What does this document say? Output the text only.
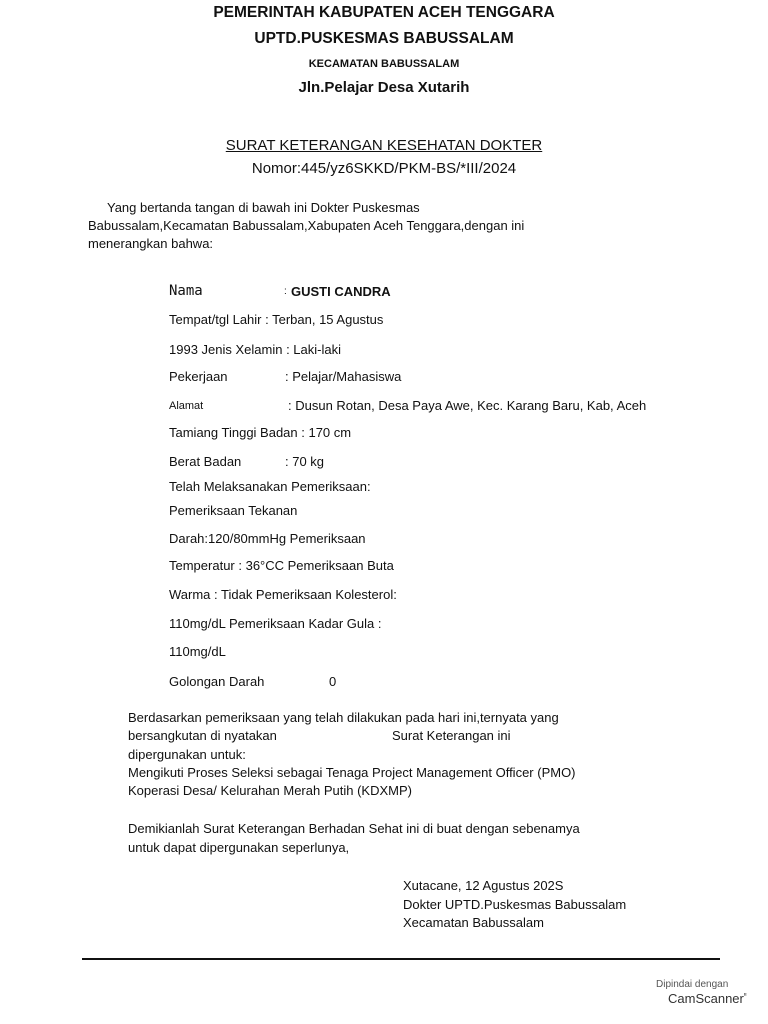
PEMERINTAH KABUPATEN ACEH TENGGARA
UPTD.PUSKESMAS BABUSSALAM
KECAMATAN BABUSSALAM
Jln.Pelajar Desa Xutarih
SURAT KETERANGAN KESEHATAN DOKTER
Nomor:445/yz6SKKD/PKM-BS/*III/2024
Yang bertanda tangan di bawah ini Dokter Puskesmas
Babussalam,Kecamatan Babussalam,Xabupaten Aceh Tenggara,dengan ini
menerangkan bahwa:
Nama	: GUSTI CANDRA
Tempat/tgl Lahir : Terban, 15 Agustus
1993 Jenis Xelamin : Laki-laki
Pekerjaan	: Pelajar/Mahasiswa
Alamat	: Dusun Rotan, Desa Paya Awe, Kec. Karang Baru, Kab, Aceh
Tamiang Tinggi Badan : 170 cm
Berat Badan	: 70 kg
Telah Melaksanakan Pemeriksaan:
Pemeriksaan Tekanan
Darah:120/80mmHg Pemeriksaan
Temperatur : 36°CC Pemeriksaan Buta
Warma : Tidak Pemeriksaan Kolesterol:
110mg/dL Pemeriksaan Kadar Gula :
110mg/dL
Golongan Darah	0
Berdasarkan pemeriksaan yang telah dilakukan pada hari ini,ternyata yang
bersangkutan di nyatakan	Surat Keterangan ini
dipergunakan untuk:
Mengikuti Proses Seleksi sebagai Tenaga Project Management Officer (PMO)
Koperasi Desa/ Kelurahan Merah Putih (KDXMP)
Demikianlah Surat Keterangan Berhadan Sehat ini di buat dengan sebenamya
untuk dapat dipergunakan seperlunya,
Xutacane, 12 Agustus 202S
Dokter UPTD.Puskesmas Babussalam
Xecamatan Babussalam
Dipindai dengan
CamScanner$^ᴿ$
